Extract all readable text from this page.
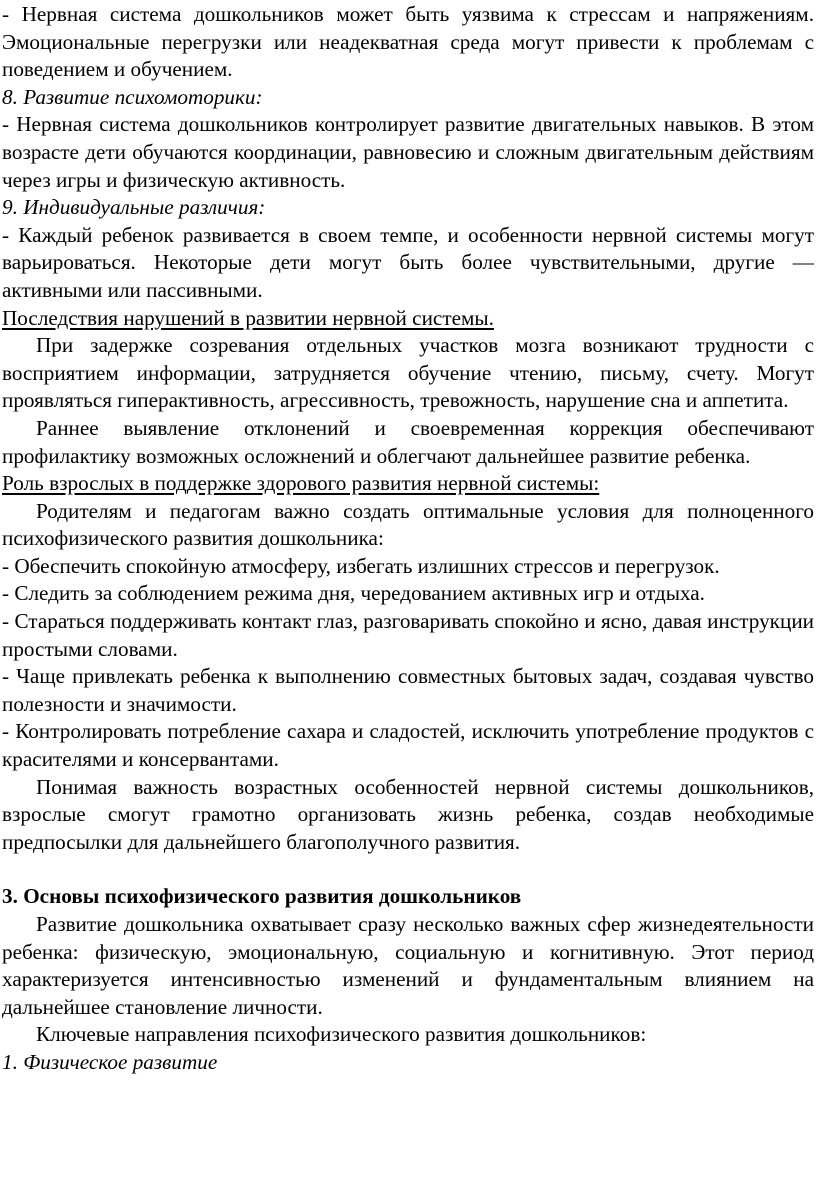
- Нервная система дошкольников может быть уязвима к стрессам и напряжениям. Эмоциональные перегрузки или неадекватная среда могут привести к проблемам с поведением и обучением.

8. Развитие психомоторики:

- Нервная система дошкольников контролирует развитие двигательных навыков. В этом возрасте дети обучаются координации, равновесию и сложным двигательным действиям через игры и физическую активность.

9. Индивидуальные различия:

- Каждый ребенок развивается в своем темпе, и особенности нервной системы могут варьироваться. Некоторые дети могут быть более чувствительными, другие — активными или пассивными.

Последствия нарушений в развитии нервной системы.

При задержке созревания отдельных участков мозга возникают трудности с восприятием информации, затрудняется обучение чтению, письму, счету. Могут проявляться гиперактивность, агрессивность, тревожность, нарушение сна и аппетита.

Раннее выявление отклонений и своевременная коррекция обеспечивают профилактику возможных осложнений и облегчают дальнейшее развитие ребенка.

Роль взрослых в поддержке здорового развития нервной системы:

Родителям и педагогам важно создать оптимальные условия для полноценного психофизического развития дошкольника:

- Обеспечить спокойную атмосферу, избегать излишних стрессов и перегрузок.

- Следить за соблюдением режима дня, чередованием активных игр и отдыха.

- Стараться поддерживать контакт глаз, разговаривать спокойно и ясно, давая инструкции простыми словами.

- Чаще привлекать ребенка к выполнению совместных бытовых задач, создавая чувство полезности и значимости.

- Контролировать потребление сахара и сладостей, исключить употребление продуктов с красителями и консервантами.

Понимая важность возрастных особенностей нервной системы дошкольников, взрослые смогут грамотно организовать жизнь ребенка, создав необходимые предпосылки для дальнейшего благополучного развития.

3. Основы психофизического развития дошкольников

Развитие дошкольника охватывает сразу несколько важных сфер жизнедеятельности ребенка: физическую, эмоциональную, социальную и когнитивную. Этот период характеризуется интенсивностью изменений и фундаментальным влиянием на дальнейшее становление личности.

Ключевые направления психофизического развития дошкольников:

1. Физическое развитие
